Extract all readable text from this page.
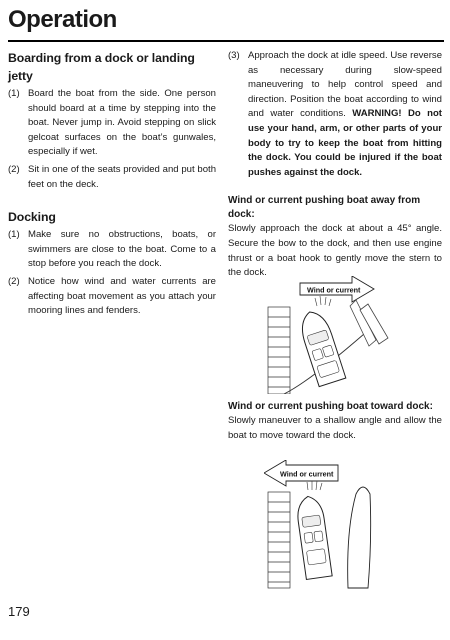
Operation
Boarding from a dock or landing jetty
(1) Board the boat from the side. One person should board at a time by stepping into the boat. Never jump in. Avoid stepping on slick gelcoat surfaces on the boat’s gunwales, especially if wet.
(2) Sit in one of the seats provided and put both feet on the deck.
Docking
(1) Make sure no obstructions, boats, or swimmers are close to the boat. Come to a stop before you reach the dock.
(2) Notice how wind and water currents are affecting boat movement as you attach your mooring lines and fenders.
(3) Approach the dock at idle speed. Use reverse as necessary during slow-speed maneuvering to help control speed and direction. Position the boat according to wind and water conditions. WARNING! Do not use your hand, arm, or other parts of your body to try to keep the boat from hitting the dock. You could be injured if the boat pushes against the dock.
Wind or current pushing boat away from dock:

Slowly approach the dock at about a 45° angle. Secure the bow to the dock, and then use engine thrust or a boat hook to gently move the stern to the dock.

Wind or current
Wind or current pushing boat toward dock:

Slowly maneuver to a shallow angle and allow the boat to move toward the dock.

Wind or current

179
